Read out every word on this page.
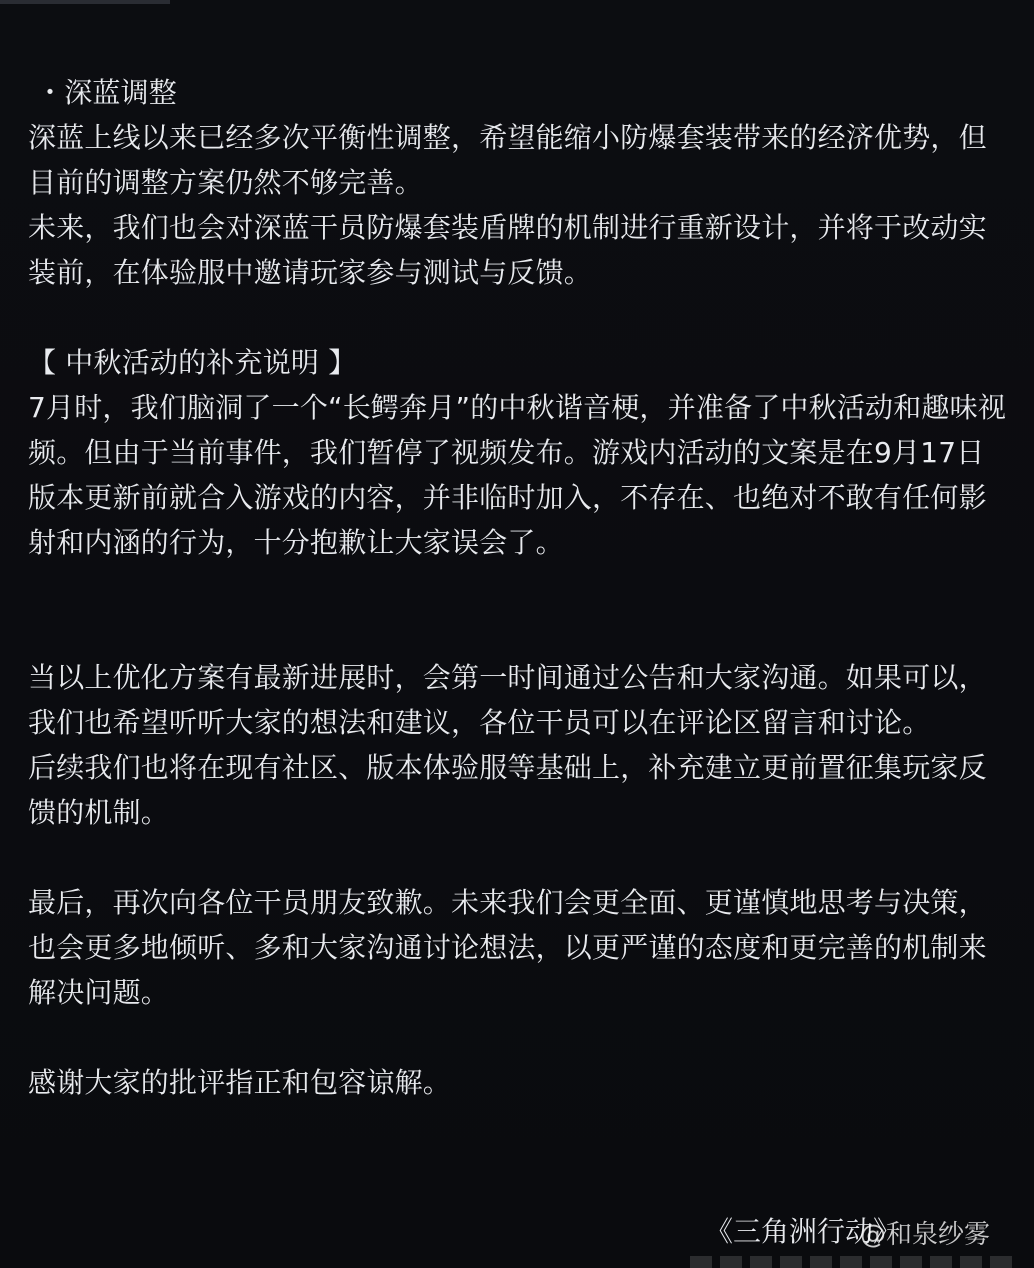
・深蓝调整

深蓝上线以来已经多次平衡性调整，希望能缩小防爆套装带来的经济优势，但目前的调整方案仍然不够完善。

未来，我们也会对深蓝干员防爆套装盾牌的机制进行重新设计，并将于改动实装前，在体验服中邀请玩家参与测试与反馈。

【 中秋活动的补充说明 】

7月时，我们脑洞了一个“长鳄奔月”的中秋谐音梗，并准备了中秋活动和趣味视频。但由于当前事件，我们暂停了视频发布。游戏内活动的文案是在9月17日版本更新前就合入游戏的内容，并非临时加入，不存在、也绝对不敢有任何影射和内涵的行为，十分抱歉让大家误会了。

当以上优化方案有最新进展时，会第一时间通过公告和大家沟通。如果可以，我们也希望听听大家的想法和建议，各位干员可以在评论区留言和讨论。

后续我们也将在现有社区、版本体验服等基础上，补充建立更前置征集玩家反馈的机制。

最后，再次向各位干员朋友致歉。未来我们会更全面、更谨慎地思考与决策，也会更多地倾听、多和大家沟通讨论想法，以更严谨的态度和更完善的机制来解决问题。

感谢大家的批评指正和包容谅解。

《三角洲行动》
@和泉纱雾
